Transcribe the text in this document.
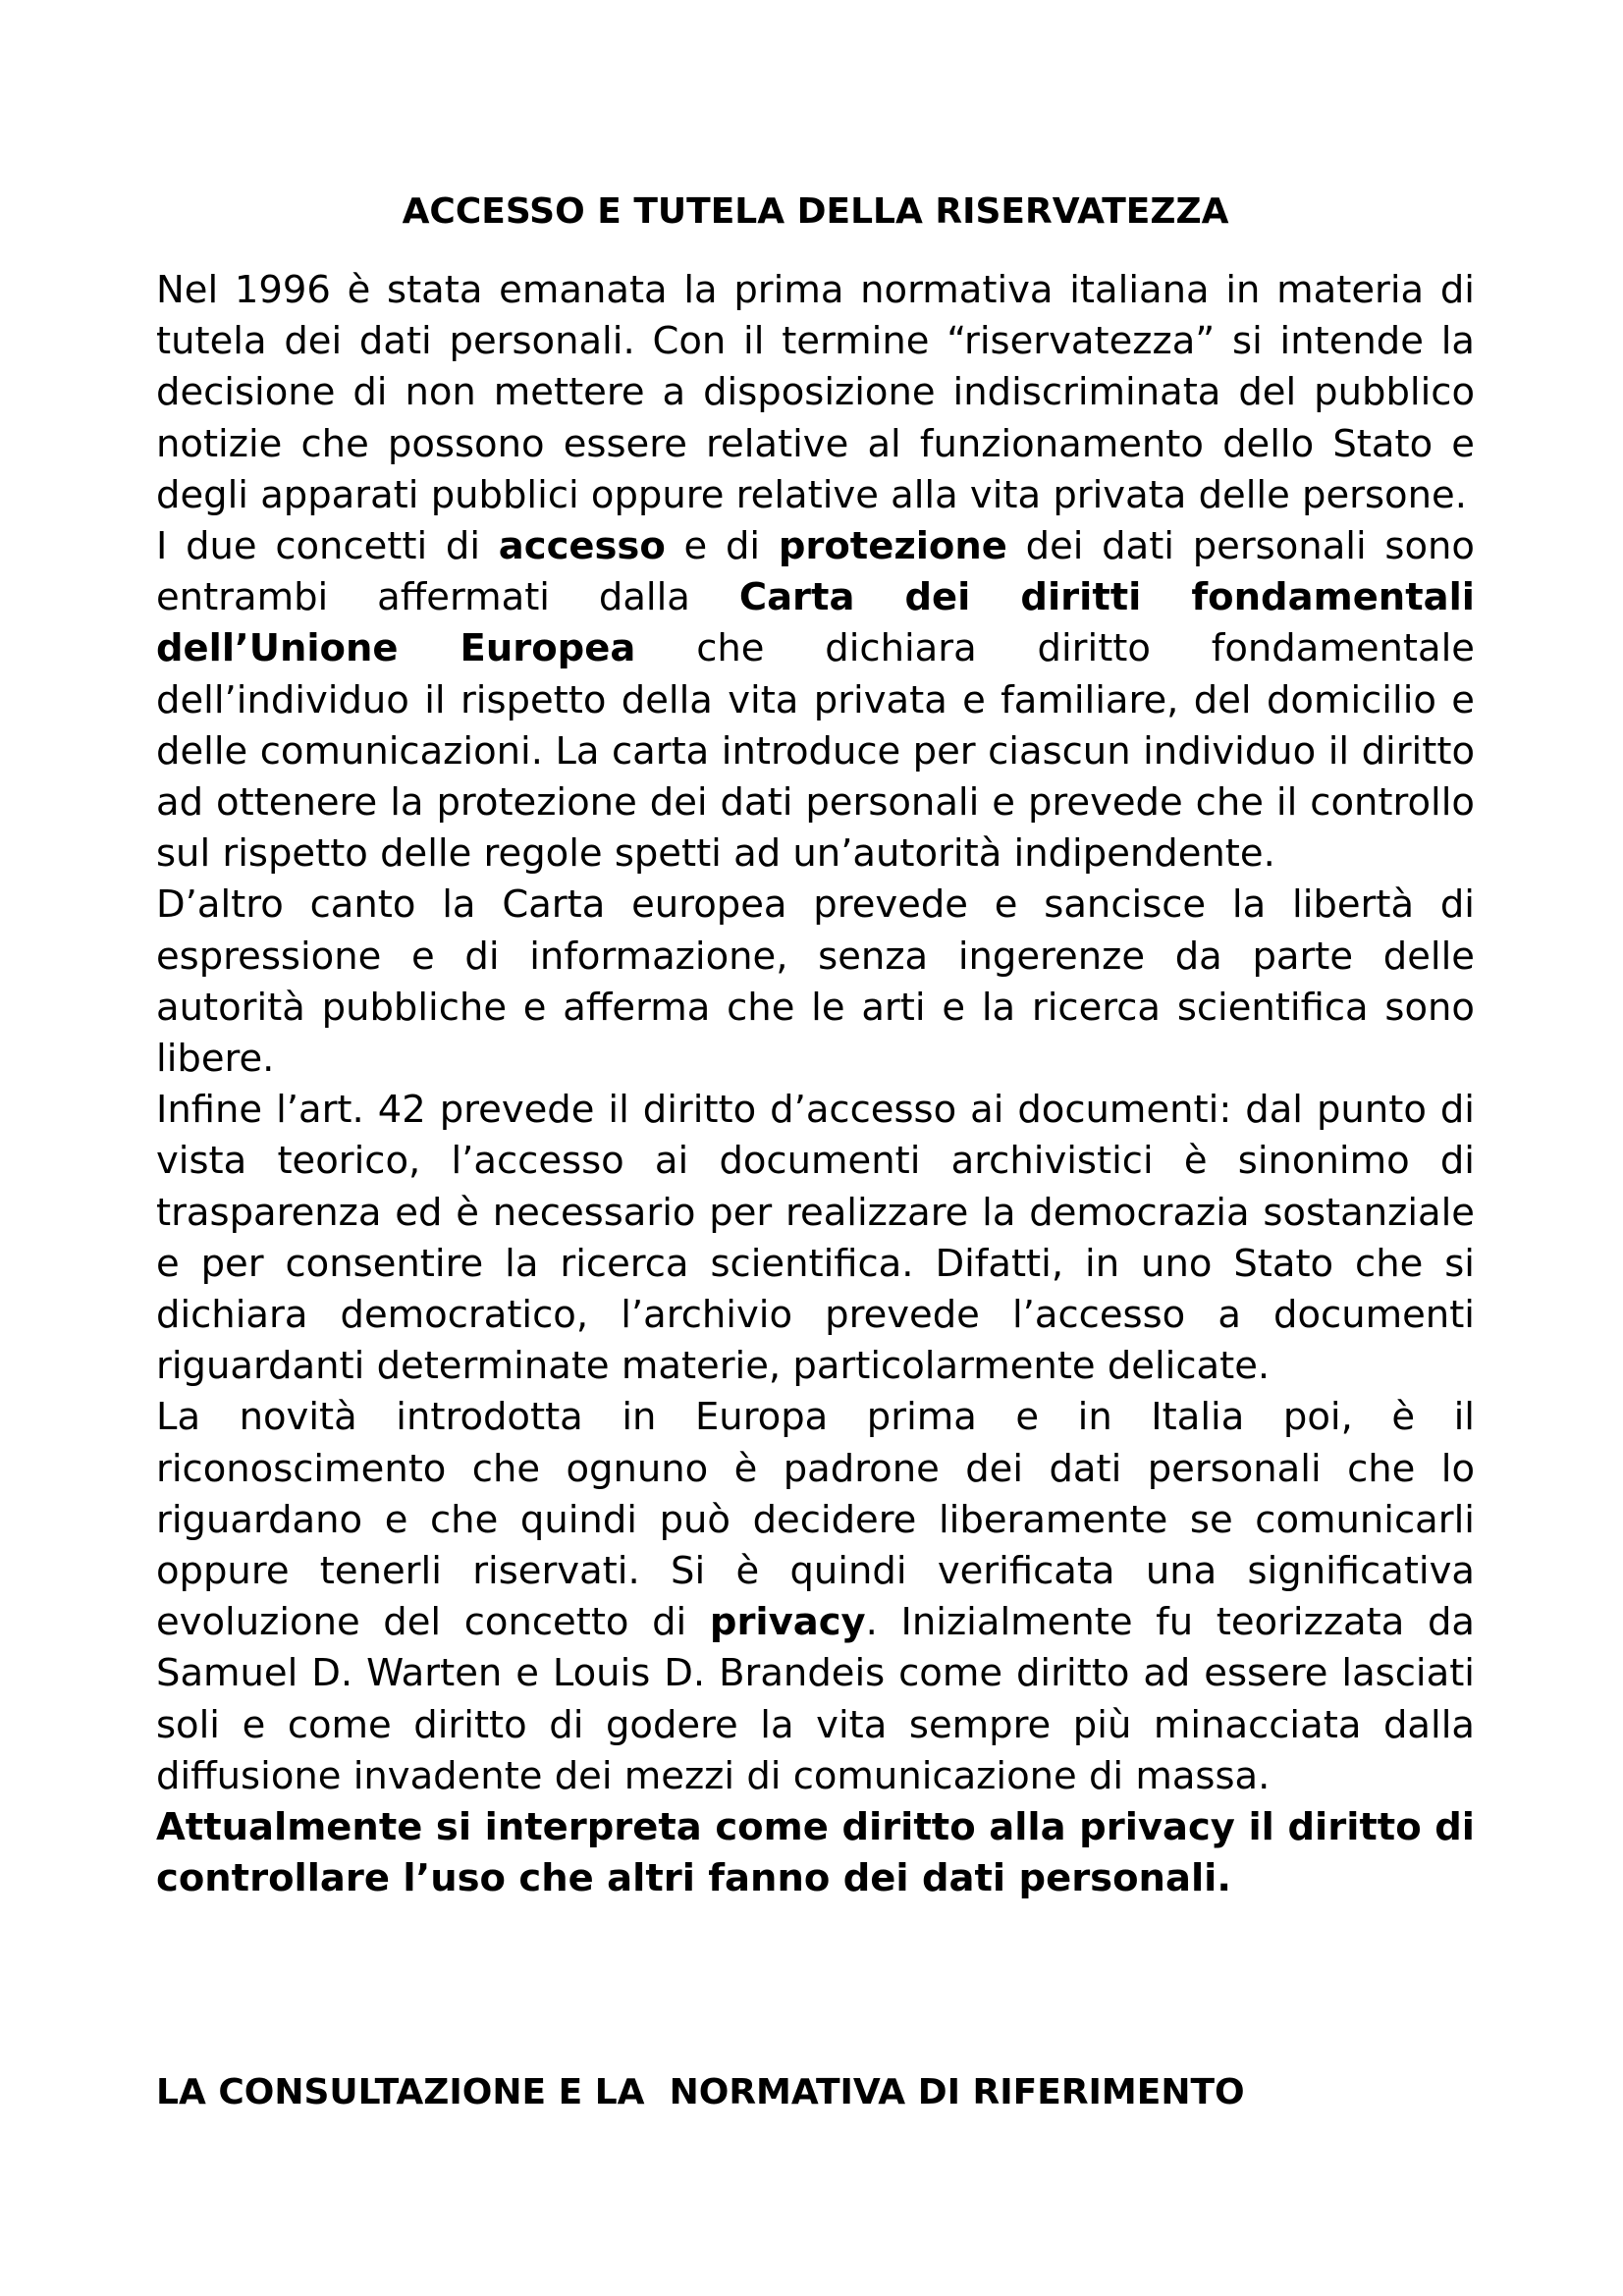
ACCESSO E TUTELA DELLA RISERVATEZZA

Nel 1996 è stata emanata la prima normativa italiana in materia di tutela dei dati personali. Con il termine “riservatezza” si intende la decisione di non mettere a disposizione indiscriminata del pubblico notizie che possono essere relative al funzionamento dello Stato e degli apparati pubblici oppure relative alla vita privata delle persone.

I due concetti di accesso e di protezione dei dati personali sono entrambi affermati dalla Carta dei diritti fondamentali dell’Unione Europea che dichiara diritto fondamentale dell’individuo il rispetto della vita privata e familiare, del domicilio e delle comunicazioni. La carta introduce per ciascun individuo il diritto ad ottenere la protezione dei dati personali e prevede che il controllo sul rispetto delle regole spetti ad un’autorità indipendente.

D’altro canto la Carta europea prevede e sancisce la libertà di espressione e di informazione, senza ingerenze da parte delle autorità pubbliche e afferma che le arti e la ricerca scientifica sono libere.

Infine l’art. 42 prevede il diritto d’accesso ai documenti: dal punto di vista teorico, l’accesso ai documenti archivistici è sinonimo di trasparenza ed è necessario per realizzare la democrazia sostanziale e per consentire la ricerca scientifica. Difatti, in uno Stato che si dichiara democratico, l’archivio prevede l’accesso a documenti riguardanti determinate materie, particolarmente delicate.

La novità introdotta in Europa prima e in Italia poi, è il riconoscimento che ognuno è padrone dei dati personali che lo riguardano e che quindi può decidere liberamente se comunicarli oppure tenerli riservati. Si è quindi verificata una significativa evoluzione del concetto di privacy. Inizialmente fu teorizzata da Samuel D. Warten e Louis D. Brandeis come diritto ad essere lasciati soli e come diritto di godere la vita sempre più minacciata dalla diffusione invadente dei mezzi di comunicazione di massa.

Attualmente si interpreta come diritto alla privacy il diritto di controllare l’uso che altri fanno dei dati personali.

LA CONSULTAZIONE E LA  NORMATIVA DI RIFERIMENTO
